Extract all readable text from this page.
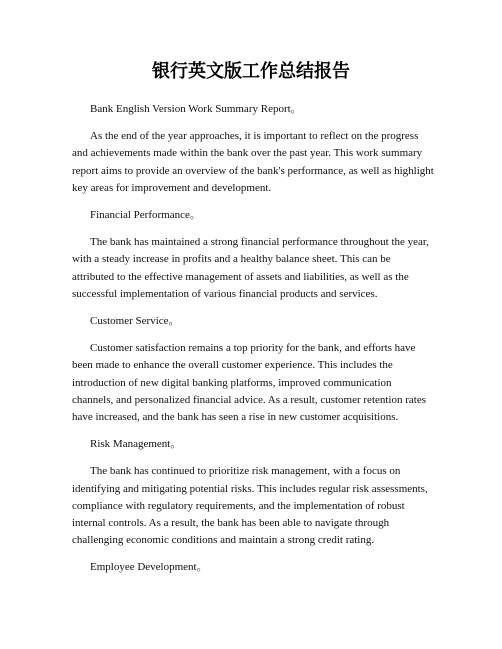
银行英文版工作总结报告

Bank English Version Work Summary Report。

As the end of the year approaches, it is important to reflect on the progress and achievements made within the bank over the past year. This work summary report aims to provide an overview of the bank's performance, as well as highlight key areas for improvement and development.

Financial Performance。

The bank has maintained a strong financial performance throughout the year, with a steady increase in profits and a healthy balance sheet. This can be attributed to the effective management of assets and liabilities, as well as the successful implementation of various financial products and services.

Customer Service。

Customer satisfaction remains a top priority for the bank, and efforts have been made to enhance the overall customer experience. This includes the introduction of new digital banking platforms, improved communication channels, and personalized financial advice. As a result, customer retention rates have increased, and the bank has seen a rise in new customer acquisitions.

Risk Management。

The bank has continued to prioritize risk management, with a focus on identifying and mitigating potential risks. This includes regular risk assessments, compliance with regulatory requirements, and the implementation of robust internal controls. As a result, the bank has been able to navigate through challenging economic conditions and maintain a strong credit rating.

Employee Development。
